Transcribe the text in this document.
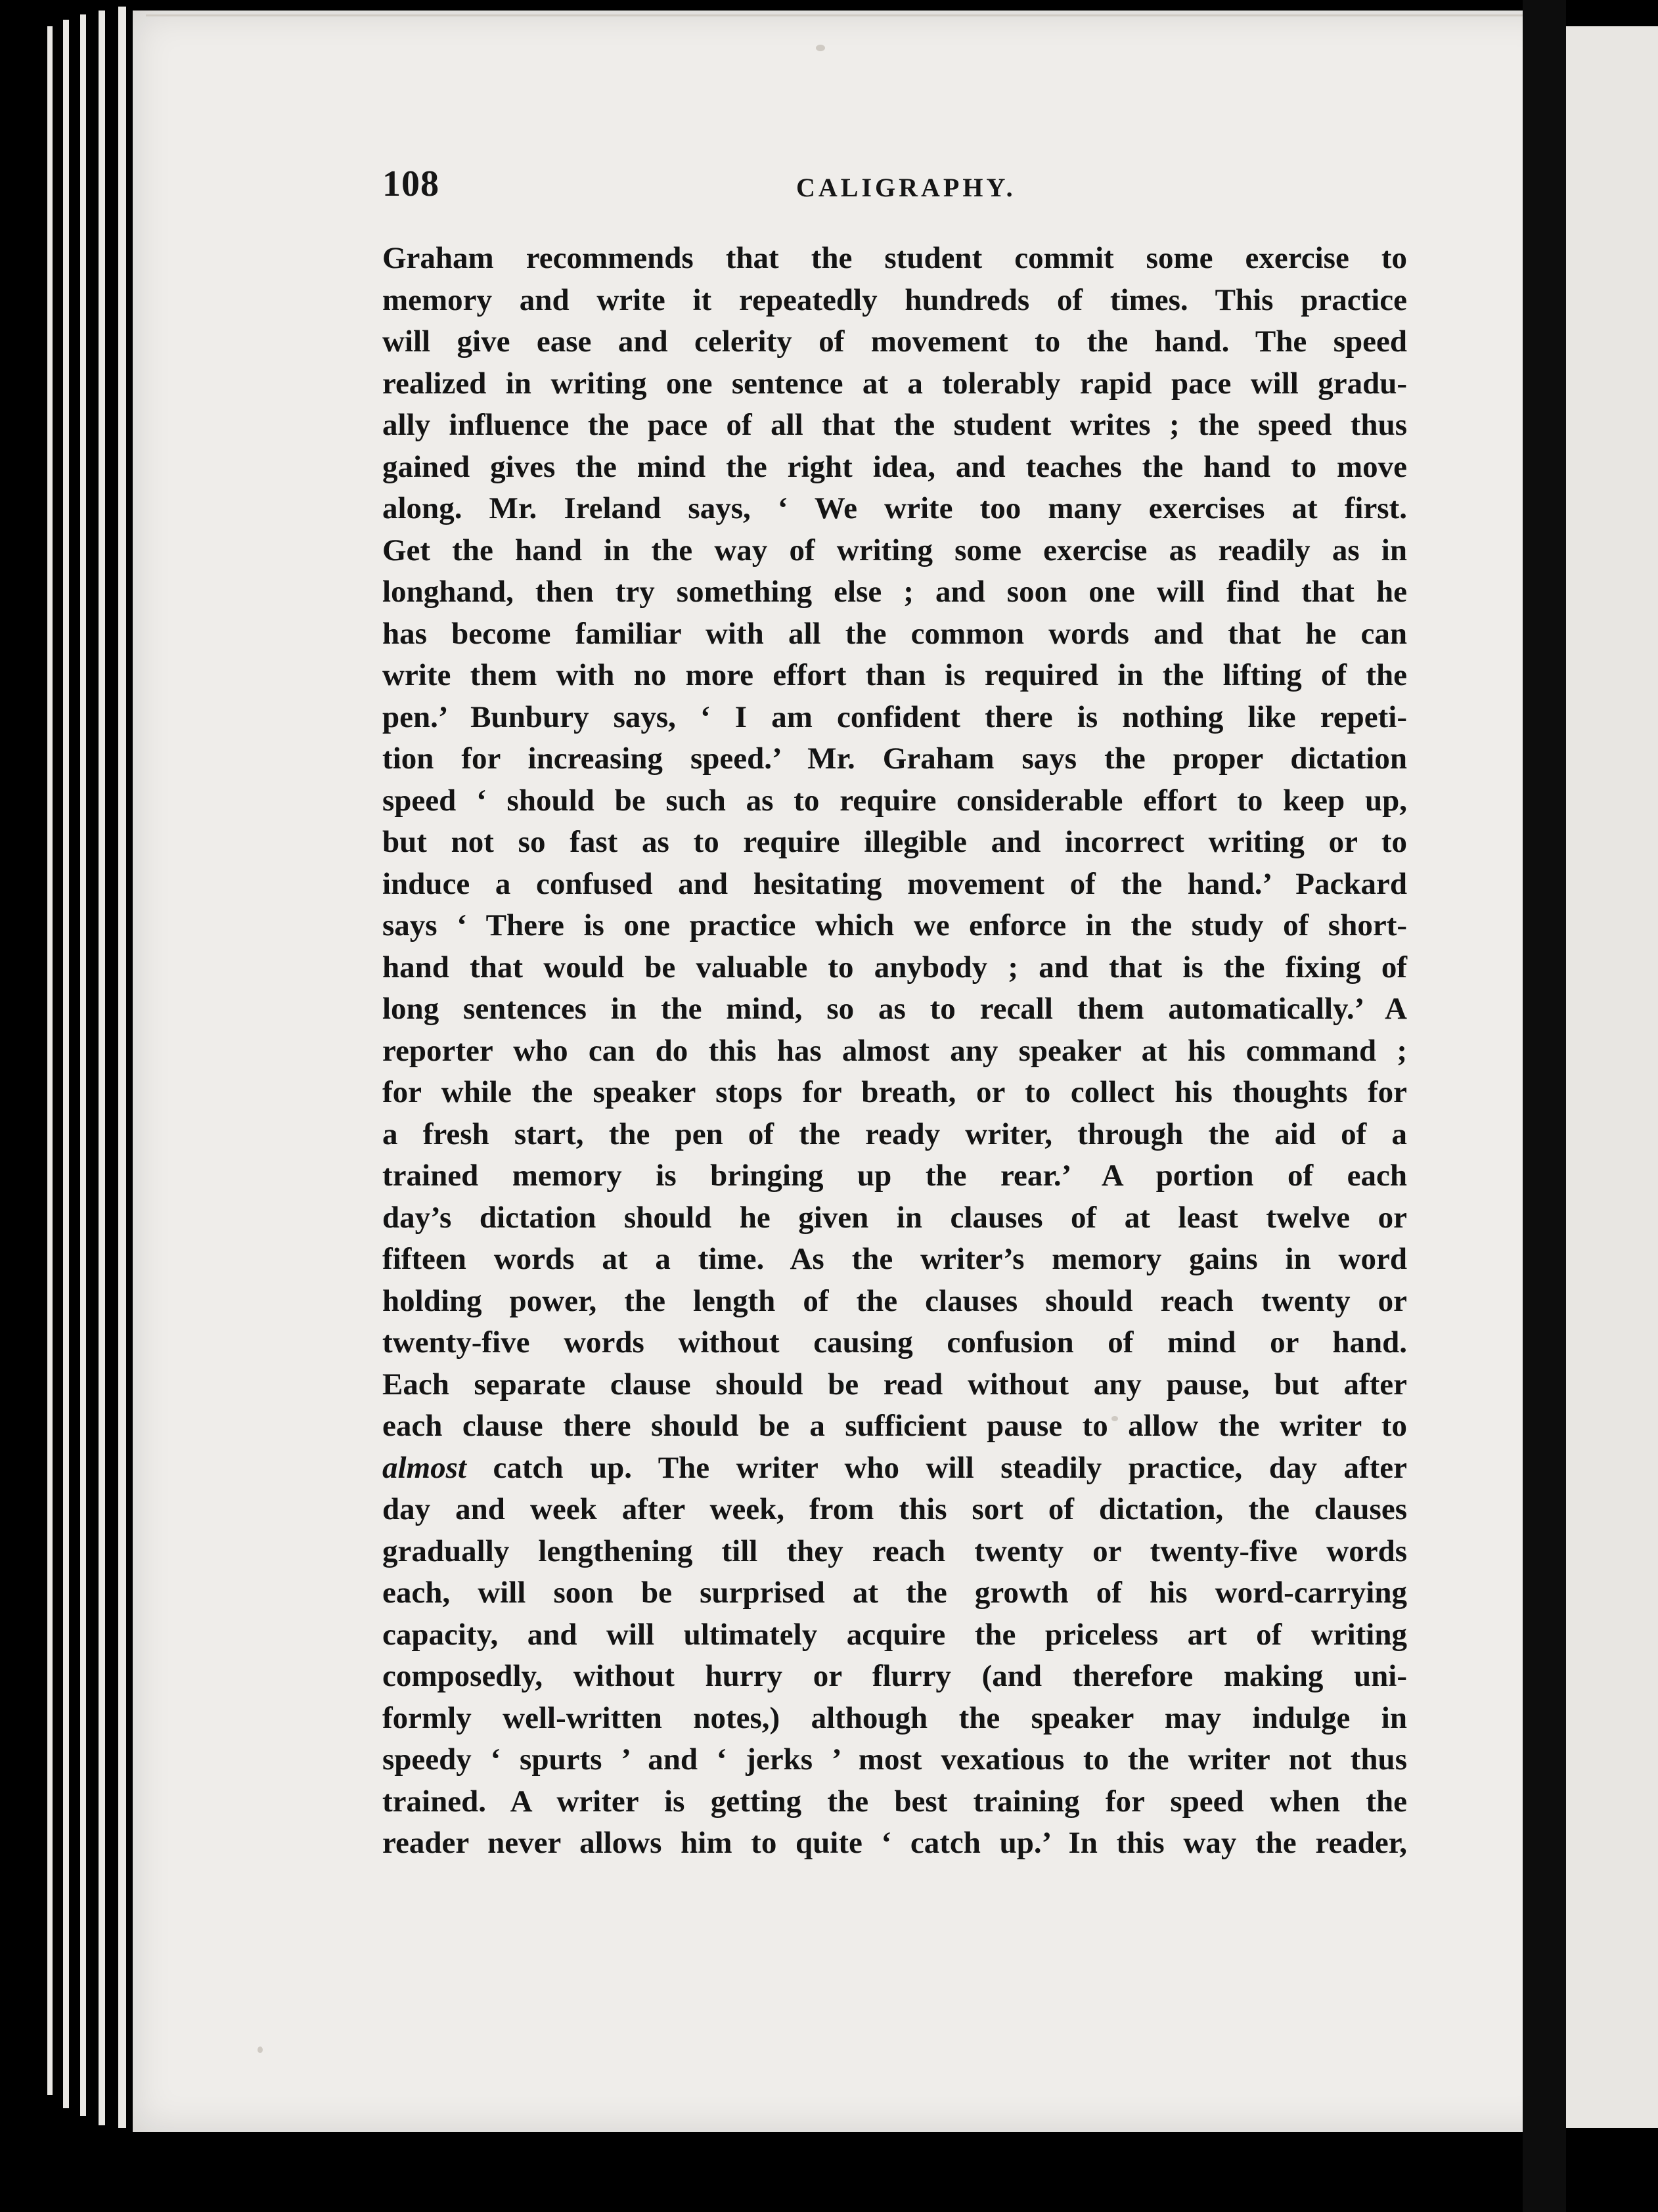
108	CALIGRAPHY.
Graham recommends that the student commit some exercise to
memory and write it repeatedly hundreds of times. This practice
will give ease and celerity of movement to the hand. The speed
realized in writing one sentence at a tolerably rapid pace will gradu-
ally influence the pace of all that the student writes ; the speed thus
gained gives the mind the right idea, and teaches the hand to move
along. Mr. Ireland says, ‘ We write too many exercises at first.
Get the hand in the way of writing some exercise as readily as in
longhand, then try something else ; and soon one will find that he
has become familiar with all the common words and that he can
write them with no more effort than is required in the lifting of the
pen.’ Bunbury says, ‘ I am confident there is nothing like repeti-
tion for increasing speed.’ Mr. Graham says the proper dictation
speed ‘ should be such as to require considerable effort to keep up,
but not so fast as to require illegible and incorrect writing or to
induce a confused and hesitating movement of the hand.’ Packard
says ‘ There is one practice which we enforce in the study of short-
hand that would be valuable to anybody ; and that is the fixing of
long sentences in the mind, so as to recall them automatically.’ A
reporter who can do this has almost any speaker at his command ;
for while the speaker stops for breath, or to collect his thoughts for
a fresh start, the pen of the ready writer, through the aid of a
trained memory is bringing up the rear.’ A portion of each
day’s dictation should he given in clauses of at least twelve or
fifteen words at a time. As the writer’s memory gains in word
holding power, the length of the clauses should reach twenty or
twenty-five words without causing confusion of mind or hand.
Each separate clause should be read without any pause, but after
each clause there should be a sufficient pause to allow the writer to
almost catch up. The writer who will steadily practice, day after
day and week after week, from this sort of dictation, the clauses
gradually lengthening till they reach twenty or twenty-five words
each, will soon be surprised at the growth of his word-carrying
capacity, and will ultimately acquire the priceless art of writing
composedly, without hurry or flurry (and therefore making uni-
formly well-written notes,) although the speaker may indulge in
speedy ‘ spurts ’ and ‘ jerks ’ most vexatious to the writer not thus
trained. A writer is getting the best training for speed when the
reader never allows him to quite ‘ catch up.’ In this way the reader,
